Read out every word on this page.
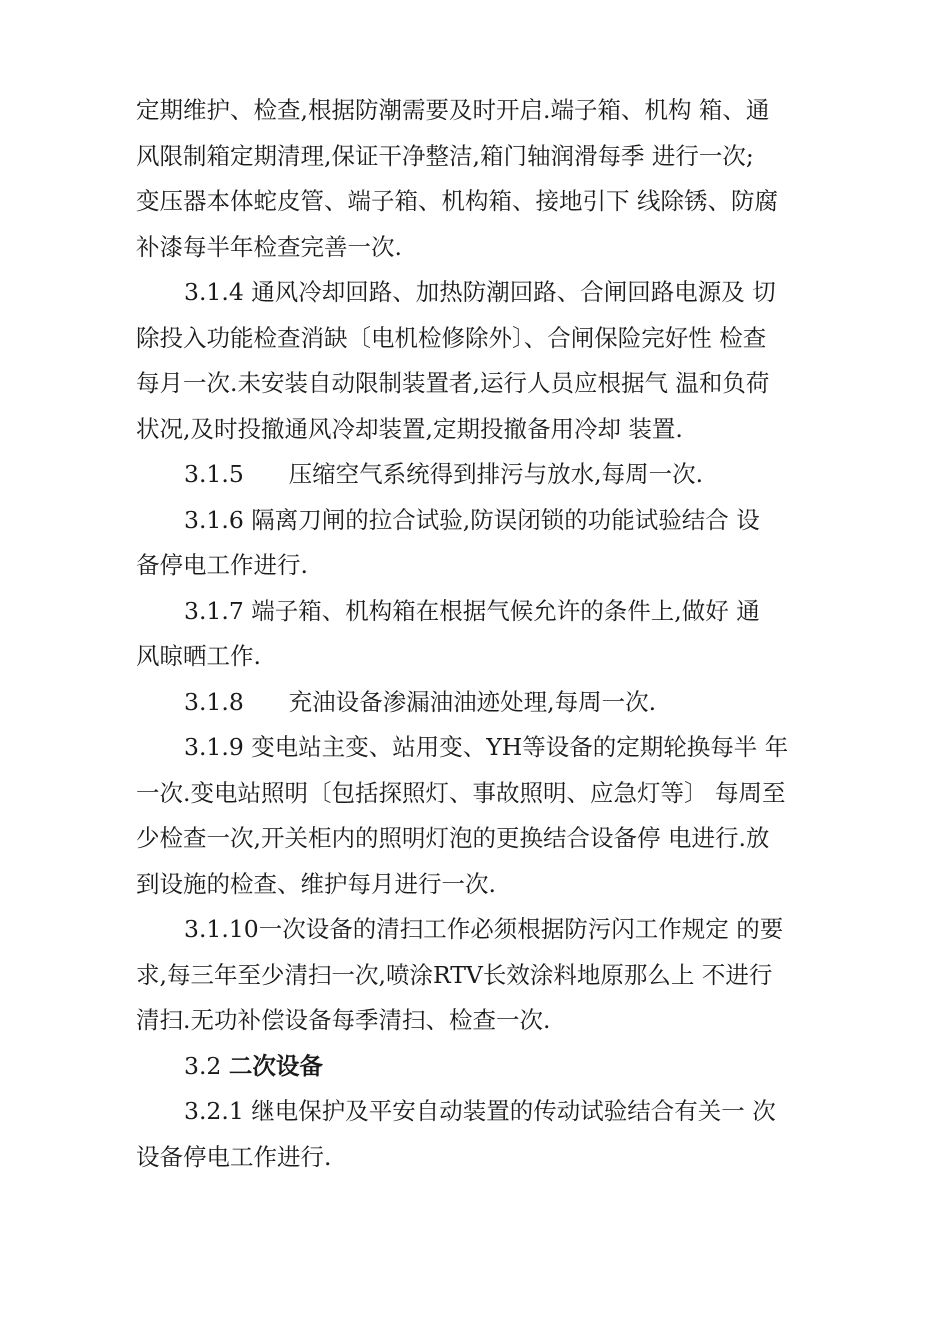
定期维护、检查,根据防潮需要及时开启.端子箱、机构 箱、通
风限制箱定期清理,保证干净整洁,箱门轴润滑每季 进行一次;
变压器本体蛇皮管、端子箱、机构箱、接地引下 线除锈、防腐
补漆每半年检查完善一次.
3.1.4 通风冷却回路、加热防潮回路、合闸回路电源及 切
除投入功能检查消缺〔电机检修除外〕、合闸保险完好性 检查
每月一次.未安装自动限制装置者,运行人员应根据气 温和负荷
状况,及时投撤通风冷却装置,定期投撤备用冷却 装置.
3.1.5      压缩空气系统得到排污与放水,每周一次.
3.1.6 隔离刀闸的拉合试验,防误闭锁的功能试验结合 设
备停电工作进行.
3.1.7 端子箱、机构箱在根据气候允许的条件上,做好 通
风晾晒工作.
3.1.8      充油设备渗漏油油迹处理,每周一次.
3.1.9 变电站主变、站用变、YH等设备的定期轮换每半 年
一次.变电站照明〔包括探照灯、事故照明、应急灯等〕 每周至
少检查一次,开关柜内的照明灯泡的更换结合设备停 电进行.放
到设施的检查、维护每月进行一次.
3.1.10一次设备的清扫工作必须根据防污闪工作规定 的要
求,每三年至少清扫一次,喷涂RTV长效涂料地原那么上 不进行
清扫.无功补偿设备每季清扫、检查一次.
3.2 二次设备
3.2.1 继电保护及平安自动装置的传动试验结合有关一 次
设备停电工作进行.
